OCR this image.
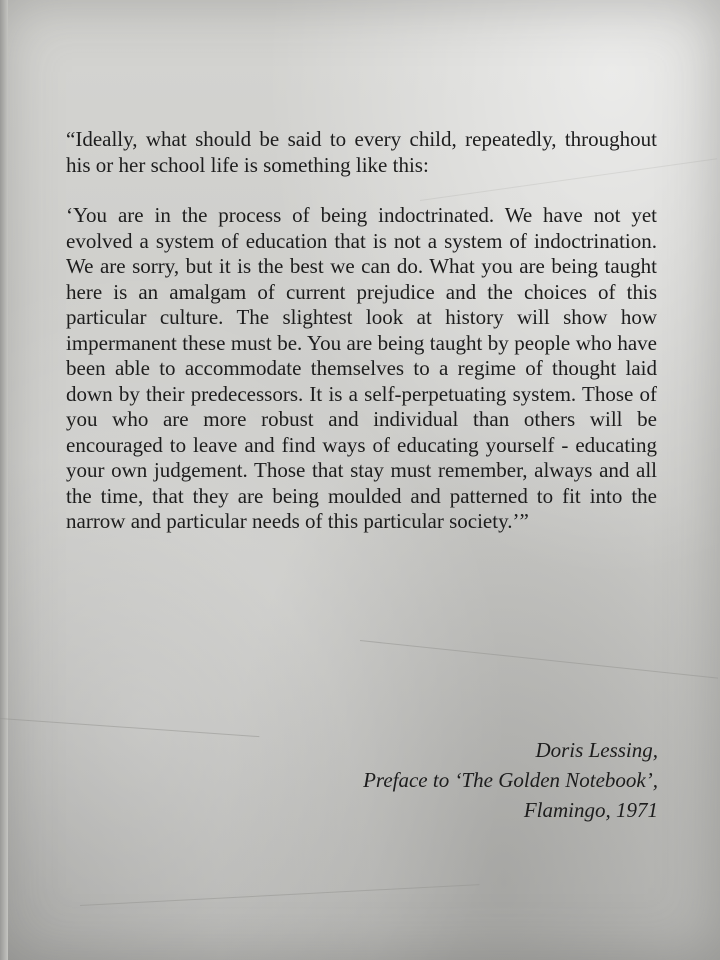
“Ideally, what should be said to every child, repeatedly, throughout his or her school life is something like this:

‘You are in the process of being indoctrinated. We have not yet evolved a system of education that is not a system of indoctrination. We are sorry, but it is the best we can do. What you are being taught here is an amalgam of current prejudice and the choices of this particular culture. The slightest look at history will show how impermanent these must be. You are being taught by people who have been able to accommodate themselves to a regime of thought laid down by their predecessors. It is a self-perpetuating system. Those of you who are more robust and individual than others will be encouraged to leave and find ways of educating yourself - educating your own judgement. Those that stay must remember, always and all the time, that they are being moulded and patterned to fit into the narrow and particular needs of this particular society.’”

Doris Lessing,
Preface to ‘The Golden Notebook’,
Flamingo, 1971
